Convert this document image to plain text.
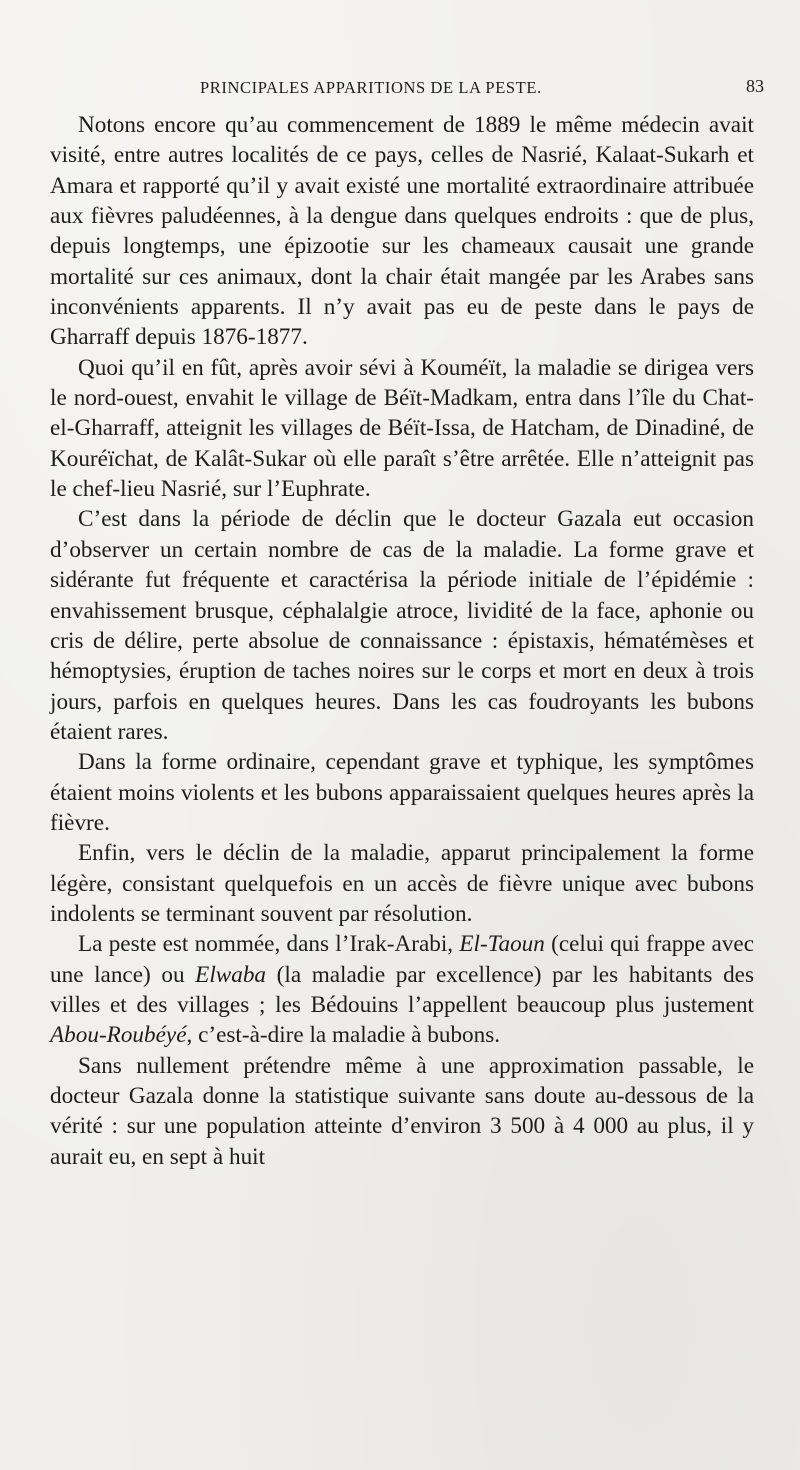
PRINCIPALES APPARITIONS DE LA PESTE.	83

Notons encore qu’au commencement de 1889 le même médecin avait visité, entre autres localités de ce pays, celles de Nasrié, Kalaat-Sukarh et Amara et rapporté qu’il y avait existé une mortalité extraordinaire attribuée aux fièvres paludéennes, à la dengue dans quelques endroits : que de plus, depuis longtemps, une épizootie sur les chameaux causait une grande mortalité sur ces animaux, dont la chair était mangée par les Arabes sans inconvénients apparents. Il n’y avait pas eu de peste dans le pays de Gharraff depuis 1876-1877.

Quoi qu’il en fût, après avoir sévi à Kouméït, la maladie se dirigea vers le nord-ouest, envahit le village de Béït-Madkam, entra dans l’île du Chat-el-Gharraff, atteignit les villages de Béït-Issa, de Hatcham, de Dinadiné, de Kouréïchat, de Kalât-Sukar où elle paraît s’être arrêtée. Elle n’atteignit pas le chef-lieu Nasrié, sur l’Euphrate.

C’est dans la période de déclin que le docteur Gazala eut occasion d’observer un certain nombre de cas de la maladie. La forme grave et sidérante fut fréquente et caractérisa la période initiale de l’épidémie : envahissement brusque, céphalalgie atroce, lividité de la face, aphonie ou cris de délire, perte absolue de connaissance : épistaxis, hématémèses et hémoptysies, éruption de taches noires sur le corps et mort en deux à trois jours, parfois en quelques heures. Dans les cas foudroyants les bubons étaient rares.

Dans la forme ordinaire, cependant grave et typhique, les symptômes étaient moins violents et les bubons apparaissaient quelques heures après la fièvre.

Enfin, vers le déclin de la maladie, apparut principalement la forme légère, consistant quelquefois en un accès de fièvre unique avec bubons indolents se terminant souvent par résolution.

La peste est nommée, dans l’Irak-Arabi, El-Taoun (celui qui frappe avec une lance) ou Elwaba (la maladie par excellence) par les habitants des villes et des villages ; les Bédouins l’appellent beaucoup plus justement Abou-Roubéyé, c’est-à-dire la maladie à bubons.

Sans nullement prétendre même à une approximation passable, le docteur Gazala donne la statistique suivante sans doute au-dessous de la vérité : sur une population atteinte d’environ 3 500 à 4 000 au plus, il y aurait eu, en sept à huit
